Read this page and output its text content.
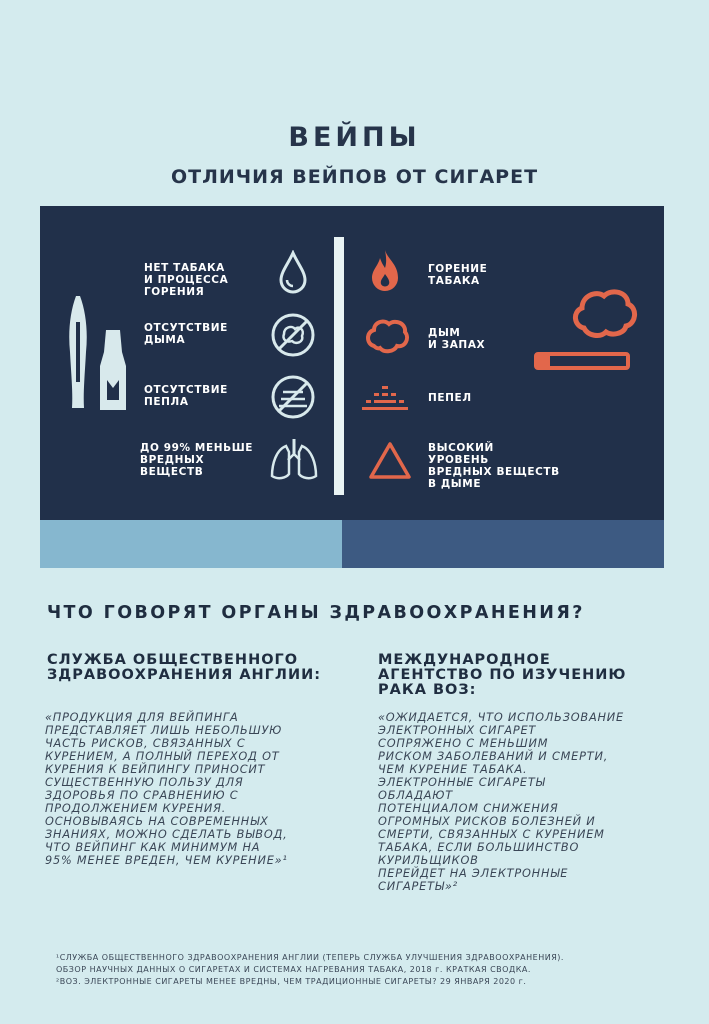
ВЕЙПЫ
ОТЛИЧИЯ ВЕЙПОВ ОТ СИГАРЕТ
НЕТ ТАБАКА
И ПРОЦЕССА
ГОРЕНИЯ
ОТСУТСТВИЕ
ДЫМА
ОТСУТСТВИЕ
ПЕПЛА
ДО 99% МЕНЬШЕ
ВРЕДНЫХ
ВЕЩЕСТВ
ГОРЕНИЕ
ТАБАКА
ДЫМ
И ЗАПАХ
ПЕПЕЛ
ВЫСОКИЙ
УРОВЕНЬ
ВРЕДНЫХ ВЕЩЕСТВ
В ДЫМЕ
ЧТО ГОВОРЯТ ОРГАНЫ ЗДРАВООХРАНЕНИЯ?
СЛУЖБА ОБЩЕСТВЕННОГО
ЗДРАВООХРАНЕНИЯ АНГЛИИ:
МЕЖДУНАРОДНОЕ
АГЕНТСТВО ПО ИЗУЧЕНИЮ
РАКА ВОЗ:
«ПРОДУКЦИЯ ДЛЯ ВЕЙПИНГА
ПРЕДСТАВЛЯЕТ ЛИШЬ НЕБОЛЬШУЮ
ЧАСТЬ РИСКОВ, СВЯЗАННЫХ С
КУРЕНИЕМ, А ПОЛНЫЙ ПЕРЕХОД ОТ
КУРЕНИЯ К ВЕЙПИНГУ ПРИНОСИТ
СУЩЕСТВЕННУЮ ПОЛЬЗУ ДЛЯ
ЗДОРОВЬЯ ПО СРАВНЕНИЮ С
ПРОДОЛЖЕНИЕМ КУРЕНИЯ.
ОСНОВЫВАЯСЬ НА СОВРЕМЕННЫХ
ЗНАНИЯХ, МОЖНО СДЕЛАТЬ ВЫВОД,
ЧТО ВЕЙПИНГ КАК МИНИМУМ НА
95% МЕНЕЕ ВРЕДЕН, ЧЕМ КУРЕНИЕ»¹
«ОЖИДАЕТСЯ, ЧТО ИСПОЛЬЗОВАНИЕ
ЭЛЕКТРОННЫХ СИГАРЕТ
СОПРЯЖЕНО С МЕНЬШИМ
РИСКОМ ЗАБОЛЕВАНИЙ И СМЕРТИ,
ЧЕМ КУРЕНИЕ ТАБАКА.
ЭЛЕКТРОННЫЕ СИГАРЕТЫ
ОБЛАДАЮТ
ПОТЕНЦИАЛОМ СНИЖЕНИЯ
ОГРОМНЫХ РИСКОВ БОЛЕЗНЕЙ И
СМЕРТИ, СВЯЗАННЫХ С КУРЕНИЕМ
ТАБАКА, ЕСЛИ БОЛЬШИНСТВО
КУРИЛЬЩИКОВ
ПЕРЕЙДЕТ НА ЭЛЕКТРОННЫЕ
СИГАРЕТЫ»²
¹СЛУЖБА ОБЩЕСТВЕННОГО ЗДРАВООХРАНЕНИЯ АНГЛИИ (ТЕПЕРЬ СЛУЖБА УЛУЧШЕНИЯ ЗДРАВООХРАНЕНИЯ).
ОБЗОР НАУЧНЫХ ДАННЫХ О СИГАРЕТАХ И СИСТЕМАХ НАГРЕВАНИЯ ТАБАКА, 2018 г. КРАТКАЯ СВОДКА.
²ВОЗ. ЭЛЕКТРОННЫЕ СИГАРЕТЫ МЕНЕЕ ВРЕДНЫ, ЧЕМ ТРАДИЦИОННЫЕ СИГАРЕТЫ? 29 ЯНВАРЯ 2020 г.
